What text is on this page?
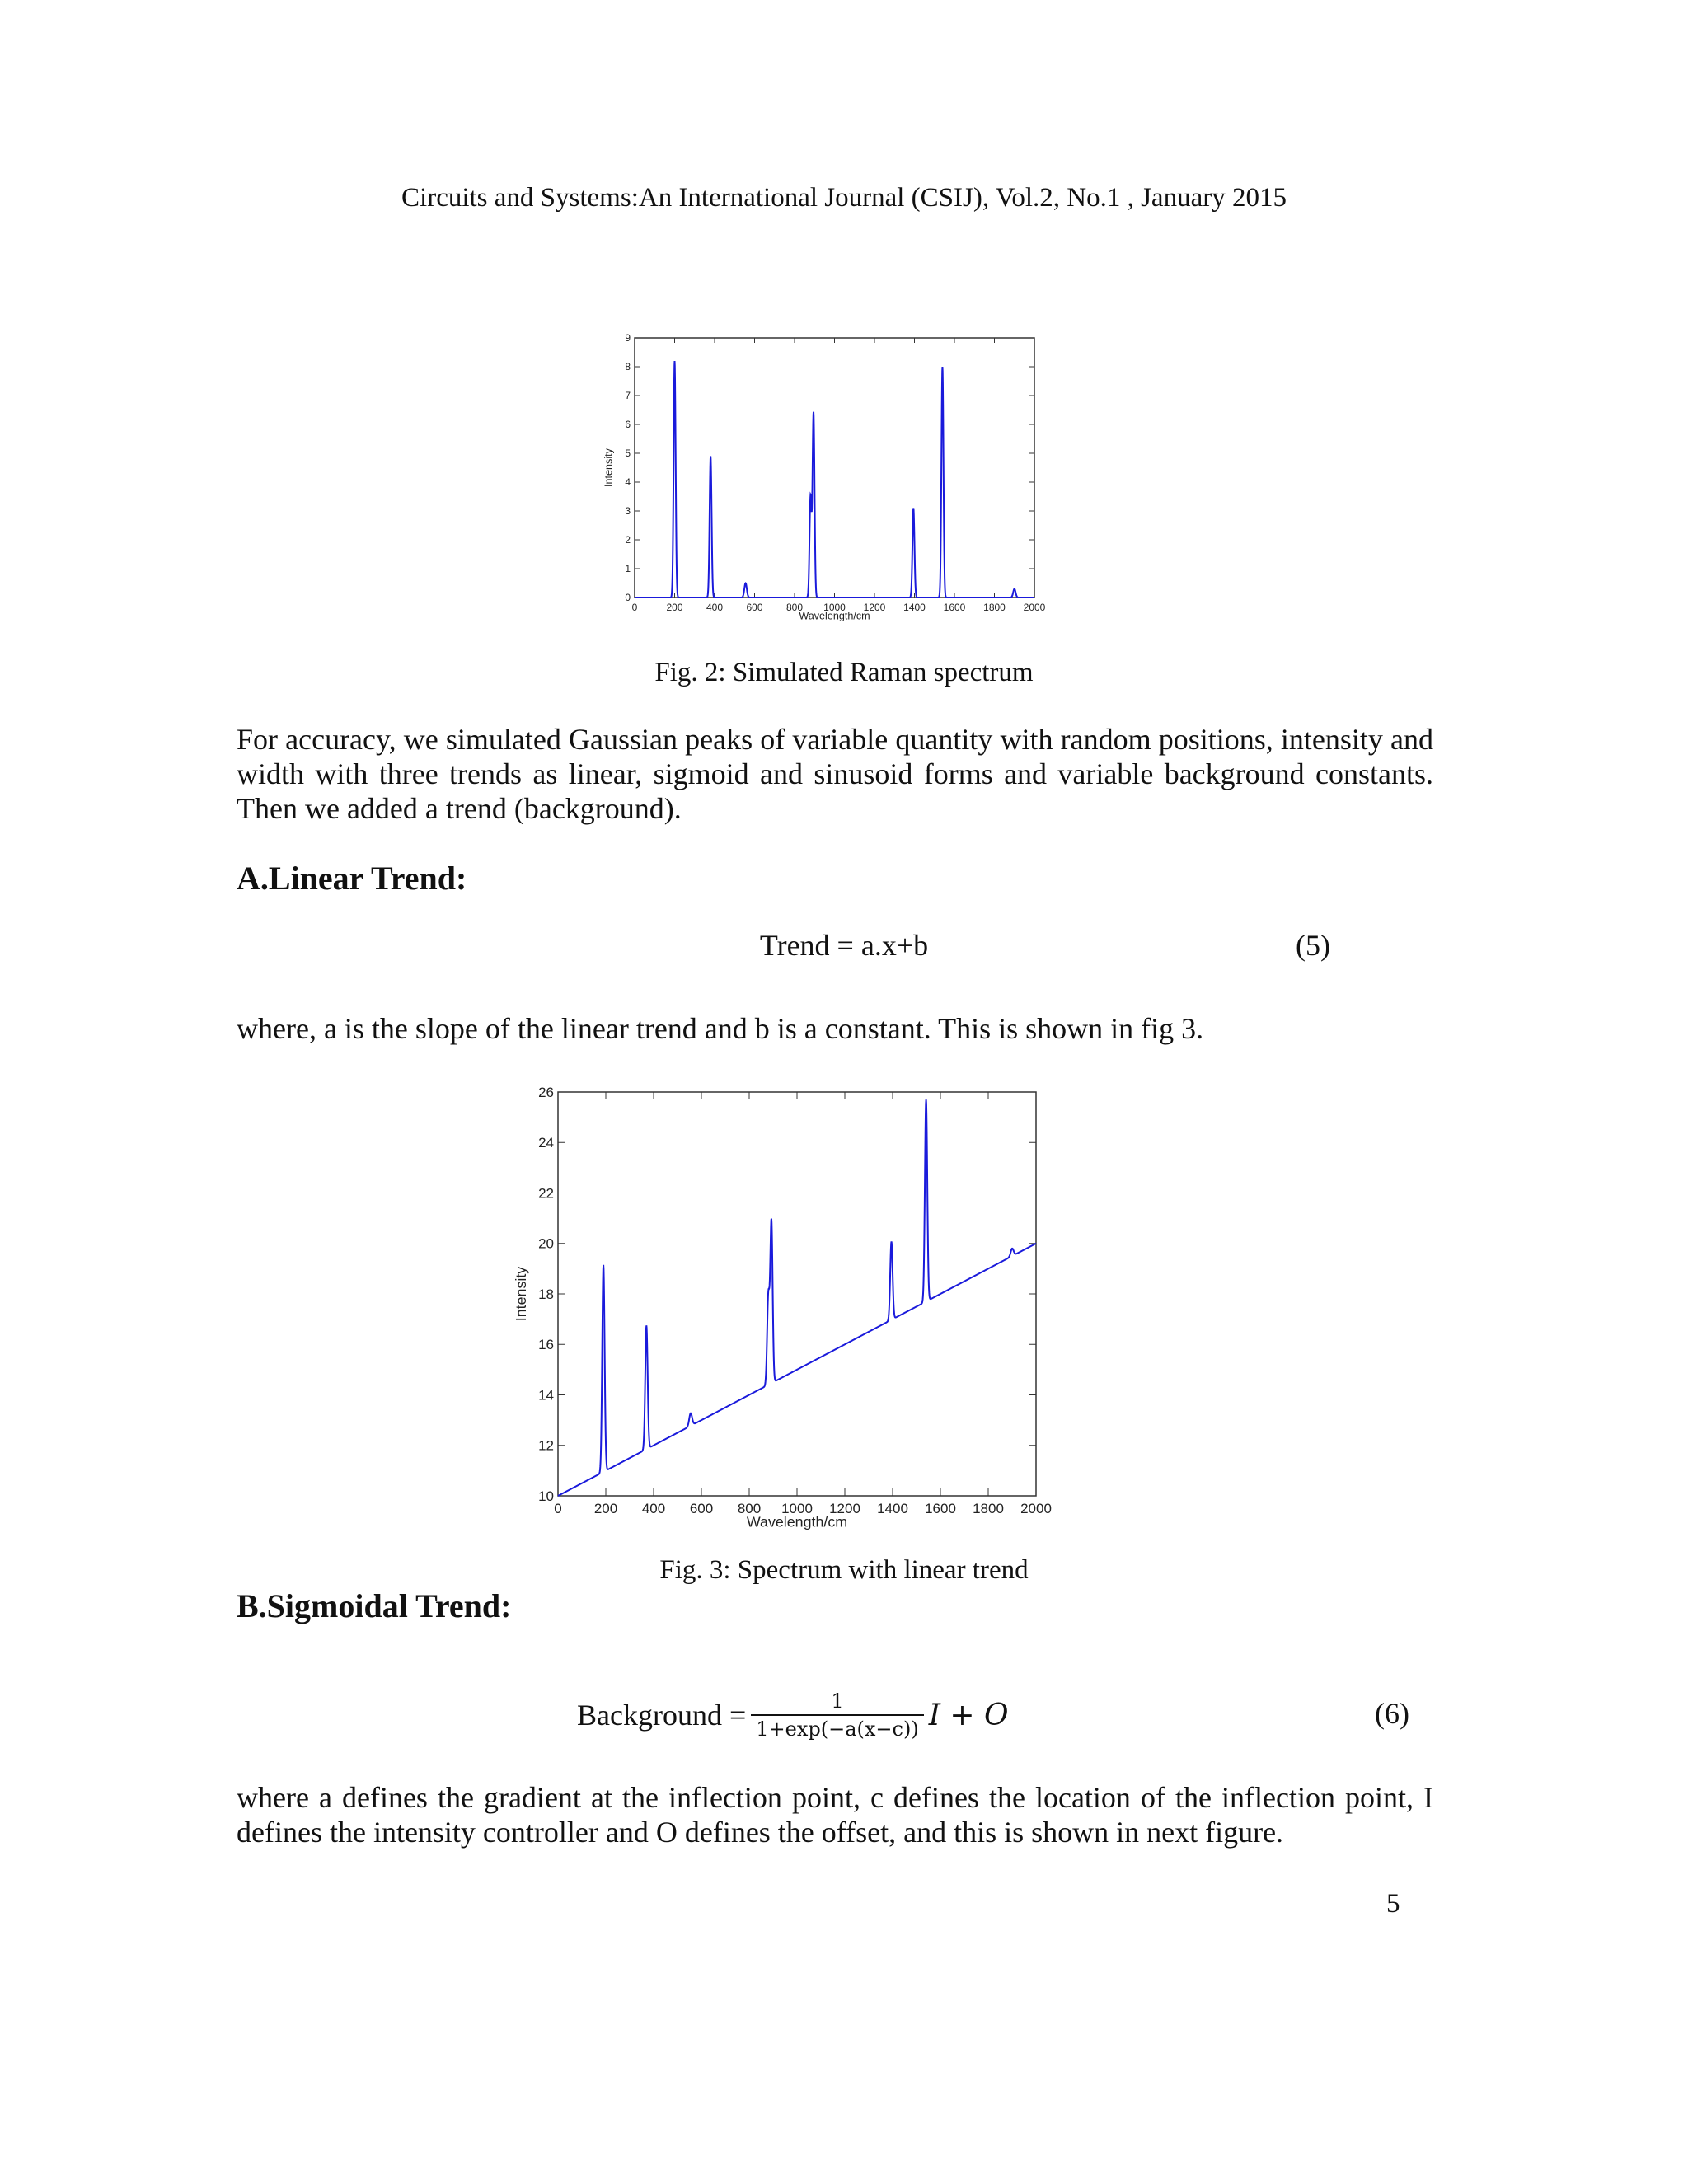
Circuits and Systems:An International Journal (CSIJ), Vol.2, No.1 , January 2015
0	200 400 600 800 1000 1200 1400 1600 1800 2000
0
1
2
3
4
5
6
7
8
9
Wavelength/cm
Intensity
Fig. 2: Simulated Raman spectrum
For accuracy, we simulated Gaussian peaks of variable quantity with random positions, intensity and width with three trends as linear, sigmoid and sinusoid forms and variable background constants. Then we added a trend (background).
A.Linear Trend:
Trend = a.x+b	(5)
where, a is the slope of the linear trend and b is a constant. This is shown in fig 3.
0 200 400 600 800 1000 1200 1400 1600 1800 2000
10
12
14
16
18
20
22
24
26
Wavelength/cm
Intensity
Fig. 3: Spectrum with linear trend
B.Sigmoidal Trend:
Background = $\frac{1}{1+\exp(-a(x-c))}$ I + O	(6)
where a defines the gradient at the inflection point, c defines the location of the inflection point, I defines the intensity controller and O defines the offset, and this is shown in next figure.
5
